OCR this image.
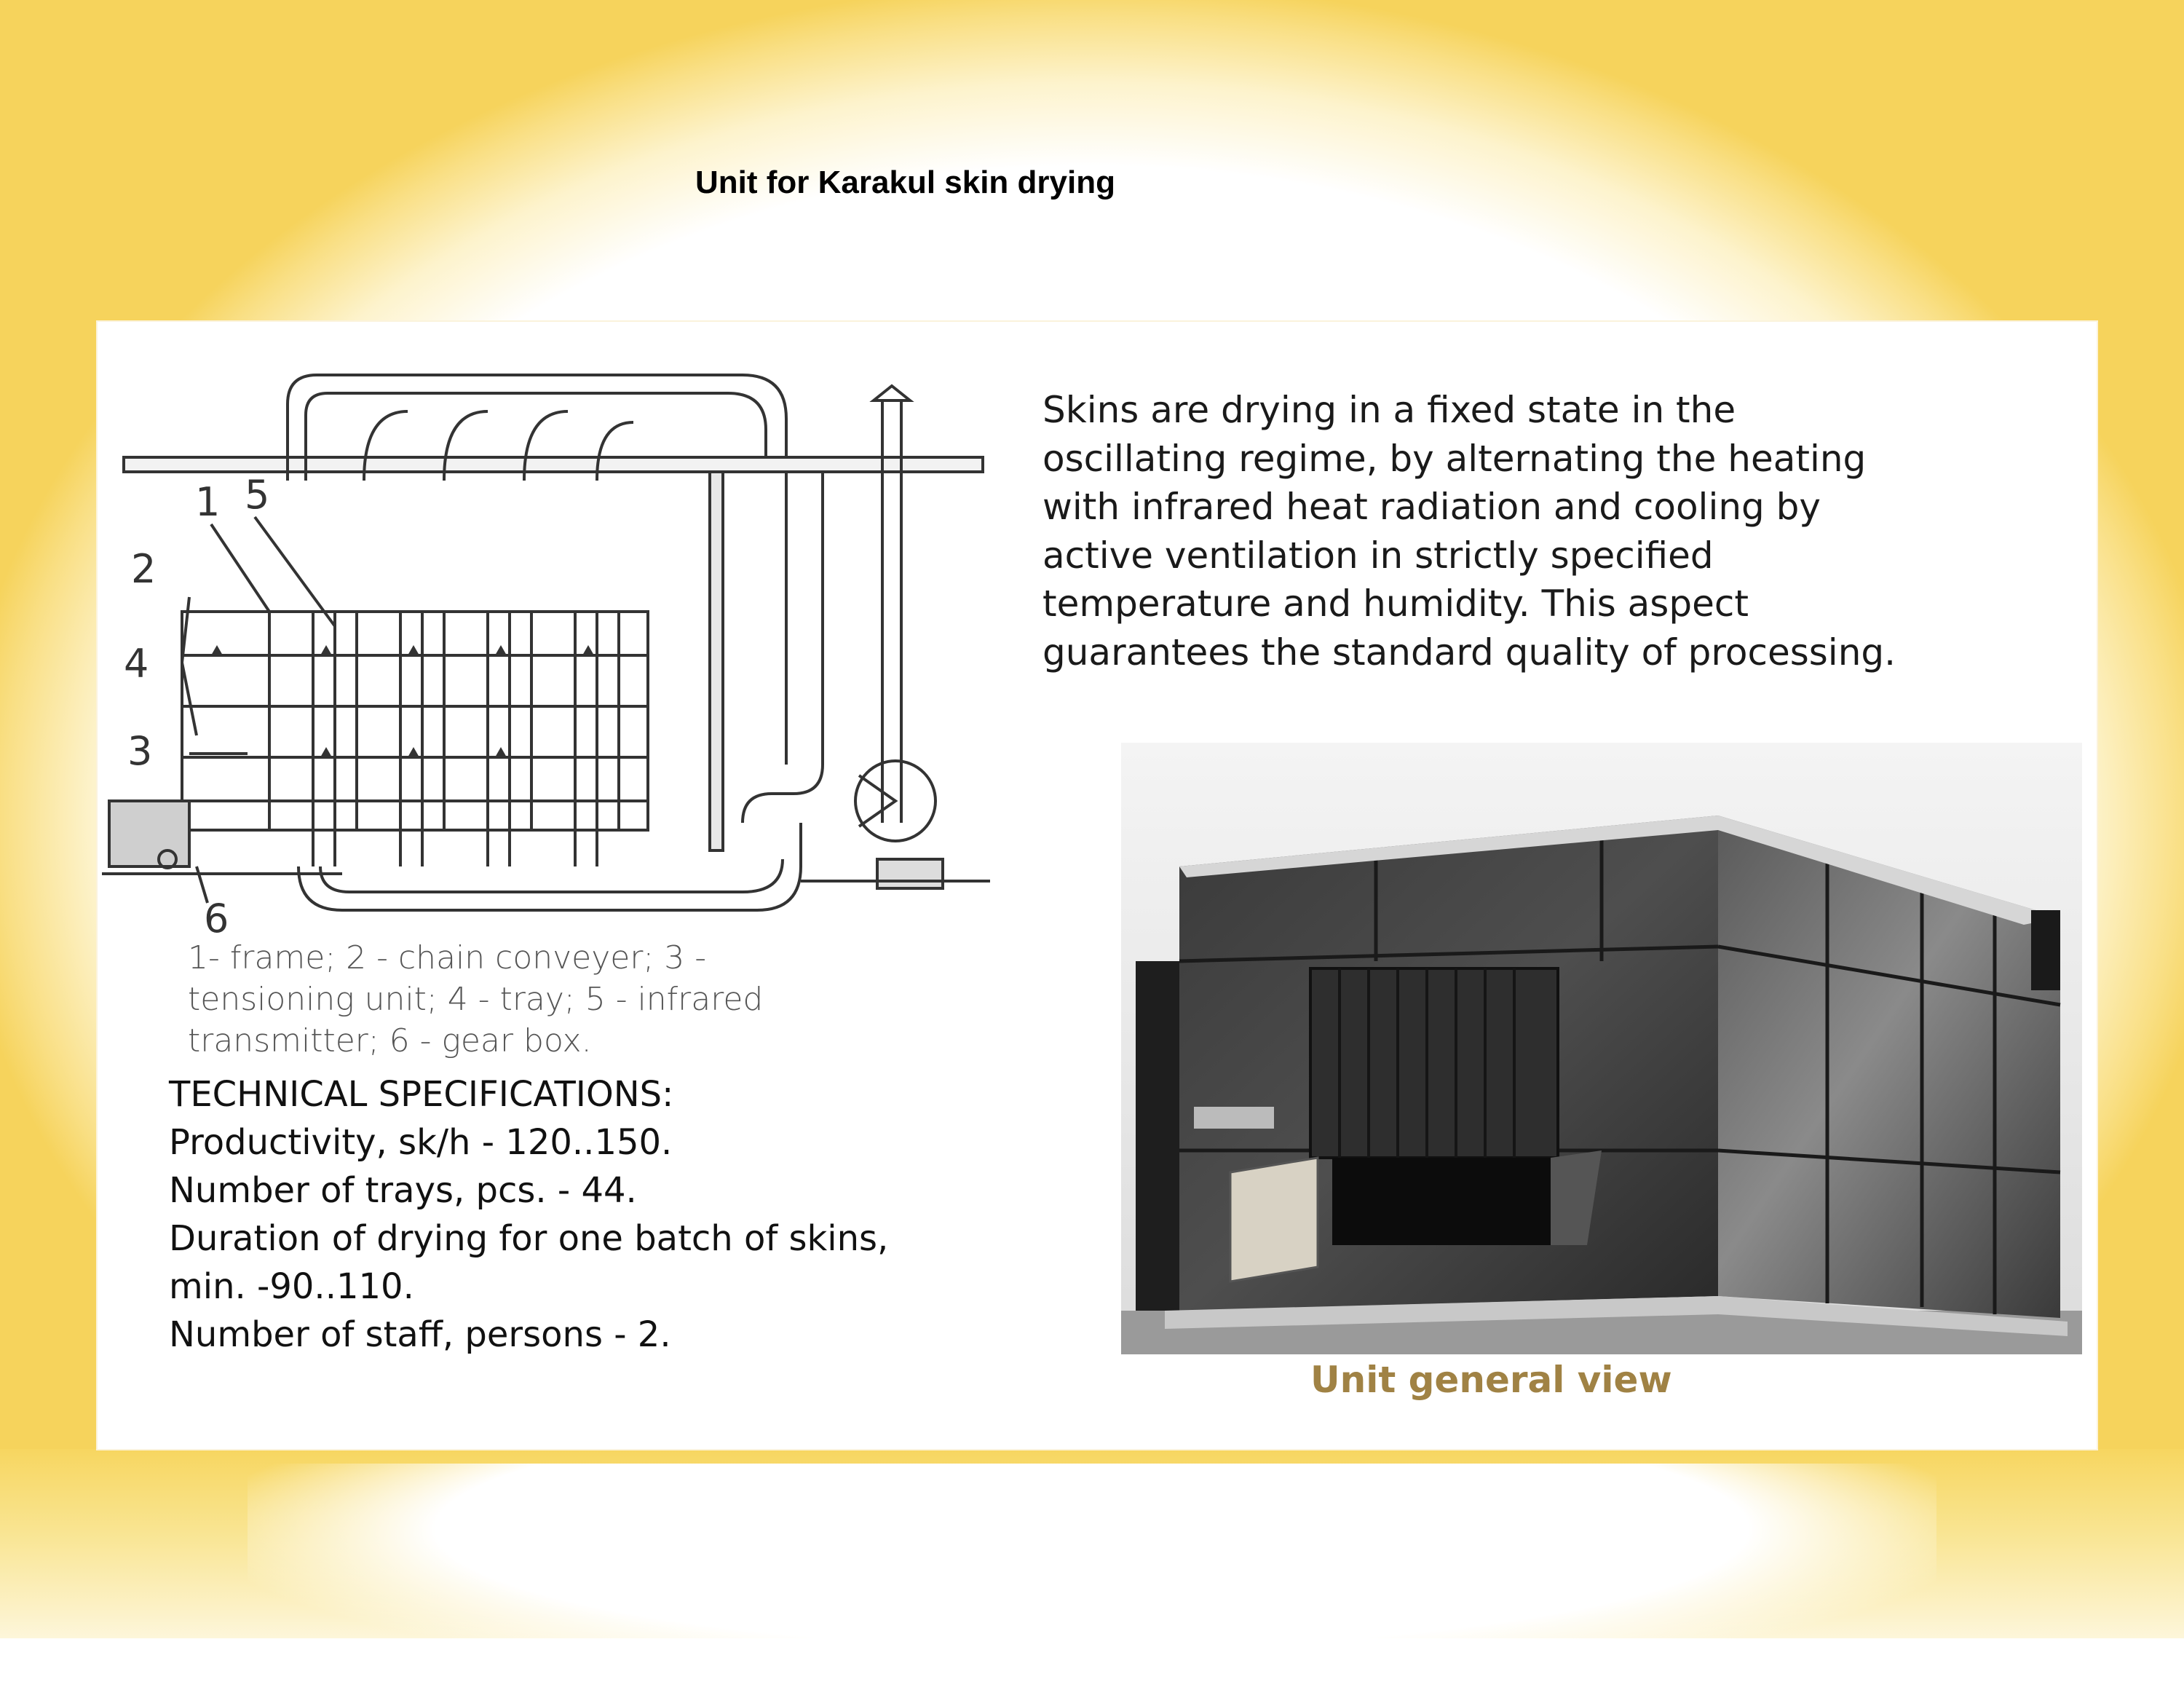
Unit for Karakul skin drying
1 5
2
4
3
6
1- frame; 2 - chain conveyer; 3 -
tensioning unit; 4 - tray; 5 - infrared
transmitter; 6 - gear box.
TECHNICAL SPECIFICATIONS:
Productivity, sk/h - 120..150.
Number of trays, pcs. - 44.
Duration of drying for one batch of skins,
min. -90..110.
Number of staff, persons - 2.
Skins are drying in a fixed state in the
oscillating regime, by alternating the heating
with infrared heat radiation and cooling by
active ventilation in strictly specified
temperature and humidity. This aspect
guarantees the standard quality of processing.
Unit general view
